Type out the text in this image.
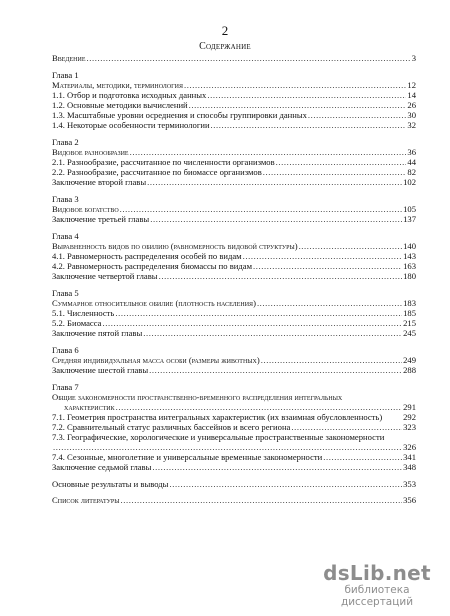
2
Содержание
Введение .....	3
Глава 1
Материалы, методики, терминология .....	12
1.1. Отбор и подготовка исходных данных .....	14
1.2. Основные методики вычислений .....	26
1.3. Масштабные уровни осреднения и способы группировки данных .....	30
1.4. Некоторые особенности терминологии .....	32
Глава 2
Видовое разнообразие .....	36
2.1. Разнообразие, рассчитанное по численности организмов .....	44
2.2. Разнообразие, рассчитанное по биомассе организмов .....	82
Заключение второй главы .....	102
Глава 3
Видовое богатство .....	105
Заключение третьей главы .....	137
Глава 4
Выравненность видов по обилию (равномерность видовой структуры) .....	140
4.1. Равномерность распределения особей по видам .....	143
4.2. Равномерность распределения биомассы по видам .....	163
Заключение четвертой главы .....	180
Глава 5
Суммарное относительное обилие (плотность населения) .....	183
5.1. Численность .....	185
5.2. Биомасса .....	215
Заключение пятой главы .....	245
Глава 6
Средняя индивидуальная масса особи (размеры животных) .....	249
Заключение шестой главы .....	288
Глава 7
Общие закономерности пространственно-временного распределения интегральных
характеристик .....	291
7.1. Геометрия пространства интегральных характеристик (их взаимная обусловленность) 292
7.2. Сравнительный статус различных бассейнов и всего региона .....	323
7.3. Географические, хорологические и универсальные пространственные закономерности
.....
326
7.4. Сезонные, многолетние и универсальные временные закономерности .....	341
Заключение седьмой главы .....	348
Основные результаты и выводы .....	353
Список литературы .....	356
dsLib.net
библиотека диссертаций
